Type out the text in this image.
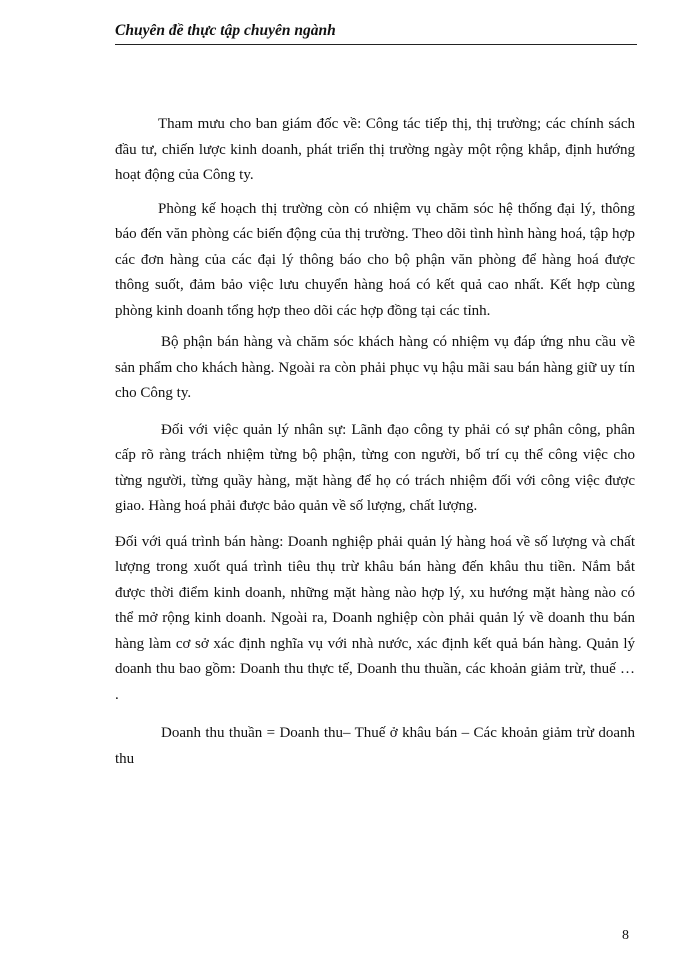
Chuyên đề thực tập chuyên ngành

Tham mưu cho ban giám đốc về: Công tác tiếp thị, thị trường; các chính sách đầu tư, chiến lược kinh doanh, phát triển thị trường ngày một rộng khắp, định hướng hoạt động của Công ty.

Phòng kế hoạch thị trường còn có nhiệm vụ chăm sóc hệ thống đại lý, thông báo đến văn phòng các biến động của thị trường. Theo dõi tình hình hàng hoá, tập hợp các đơn hàng của các đại lý thông báo cho bộ phận văn phòng để hàng hoá được thông suốt, đảm bảo việc lưu chuyển hàng hoá có kết quả cao nhất. Kết hợp cùng phòng kinh doanh tổng hợp theo dõi các hợp đồng tại các tỉnh.

Bộ phận bán hàng và chăm sóc khách hàng có nhiệm vụ đáp ứng nhu cầu về sản phẩm cho khách hàng. Ngoài ra còn phải phục vụ hậu mãi sau bán hàng giữ uy tín cho Công ty.

Đối với việc quản lý nhân sự: Lãnh đạo công ty phải có sự phân công, phân cấp rõ ràng trách nhiệm từng bộ phận, từng con người, bố trí cụ thể công việc cho từng người, từng quầy hàng, mặt hàng để họ có trách nhiệm đối với công việc được giao. Hàng hoá phải được bảo quản về số lượng, chất lượng.

Đối với quá trình bán hàng: Doanh nghiệp phải quản lý hàng hoá về số lượng và chất lượng trong xuốt quá trình tiêu thụ trừ khâu bán hàng đến khâu thu tiền. Nắm bắt được thời điểm kinh doanh, những mặt hàng nào hợp lý, xu hướng mặt hàng nào có thể mở rộng kinh doanh. Ngoài ra, Doanh nghiệp còn phải quản lý về doanh thu bán hàng làm cơ sở xác định nghĩa vụ với nhà nước, xác định kết quả bán hàng. Quản lý doanh thu bao gồm: Doanh thu thực tế, Doanh thu thuần, các khoản giảm trừ, thuế … .

Doanh thu thuần = Doanh thu– Thuế ở khâu bán – Các khoản giảm trừ doanh thu

8
